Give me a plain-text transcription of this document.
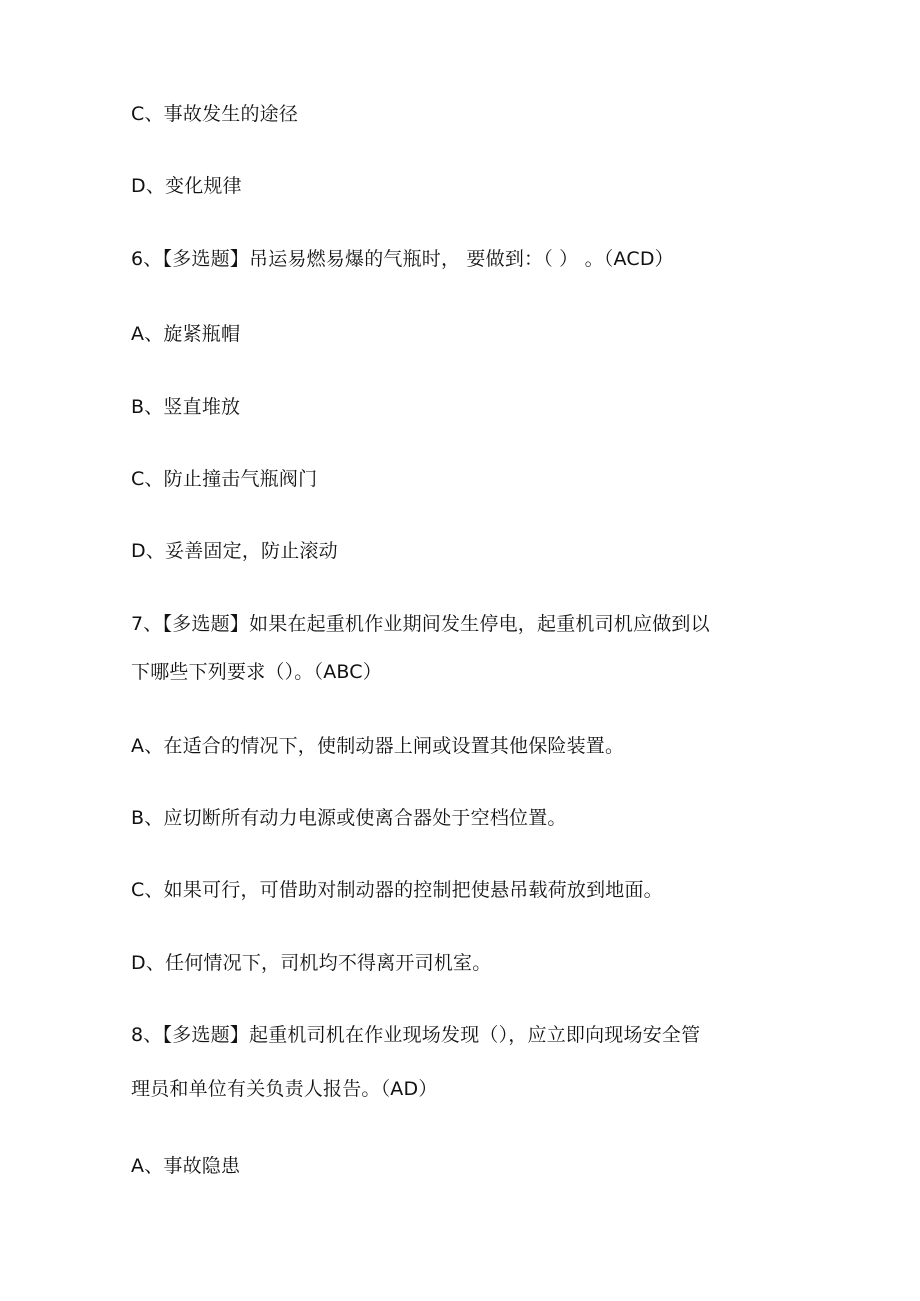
C、事故发生的途径
D、变化规律
6、【多选题】吊运易燃易爆的气瓶时， 要做到：（ ） 。（ACD）
A、旋紧瓶帽
B、竖直堆放
C、防止撞击气瓶阀门
D、妥善固定，防止滚动
7、【多选题】如果在起重机作业期间发生停电，起重机司机应做到以
下哪些下列要求（）。（ABC）
A、在适合的情况下，使制动器上闸或设置其他保险装置。
B、应切断所有动力电源或使离合器处于空档位置。
C、如果可行，可借助对制动器的控制把使悬吊载荷放到地面。
D、任何情况下，司机均不得离开司机室。
8、【多选题】起重机司机在作业现场发现（），应立即向现场安全管
理员和单位有关负责人报告。（AD）
A、事故隐患
